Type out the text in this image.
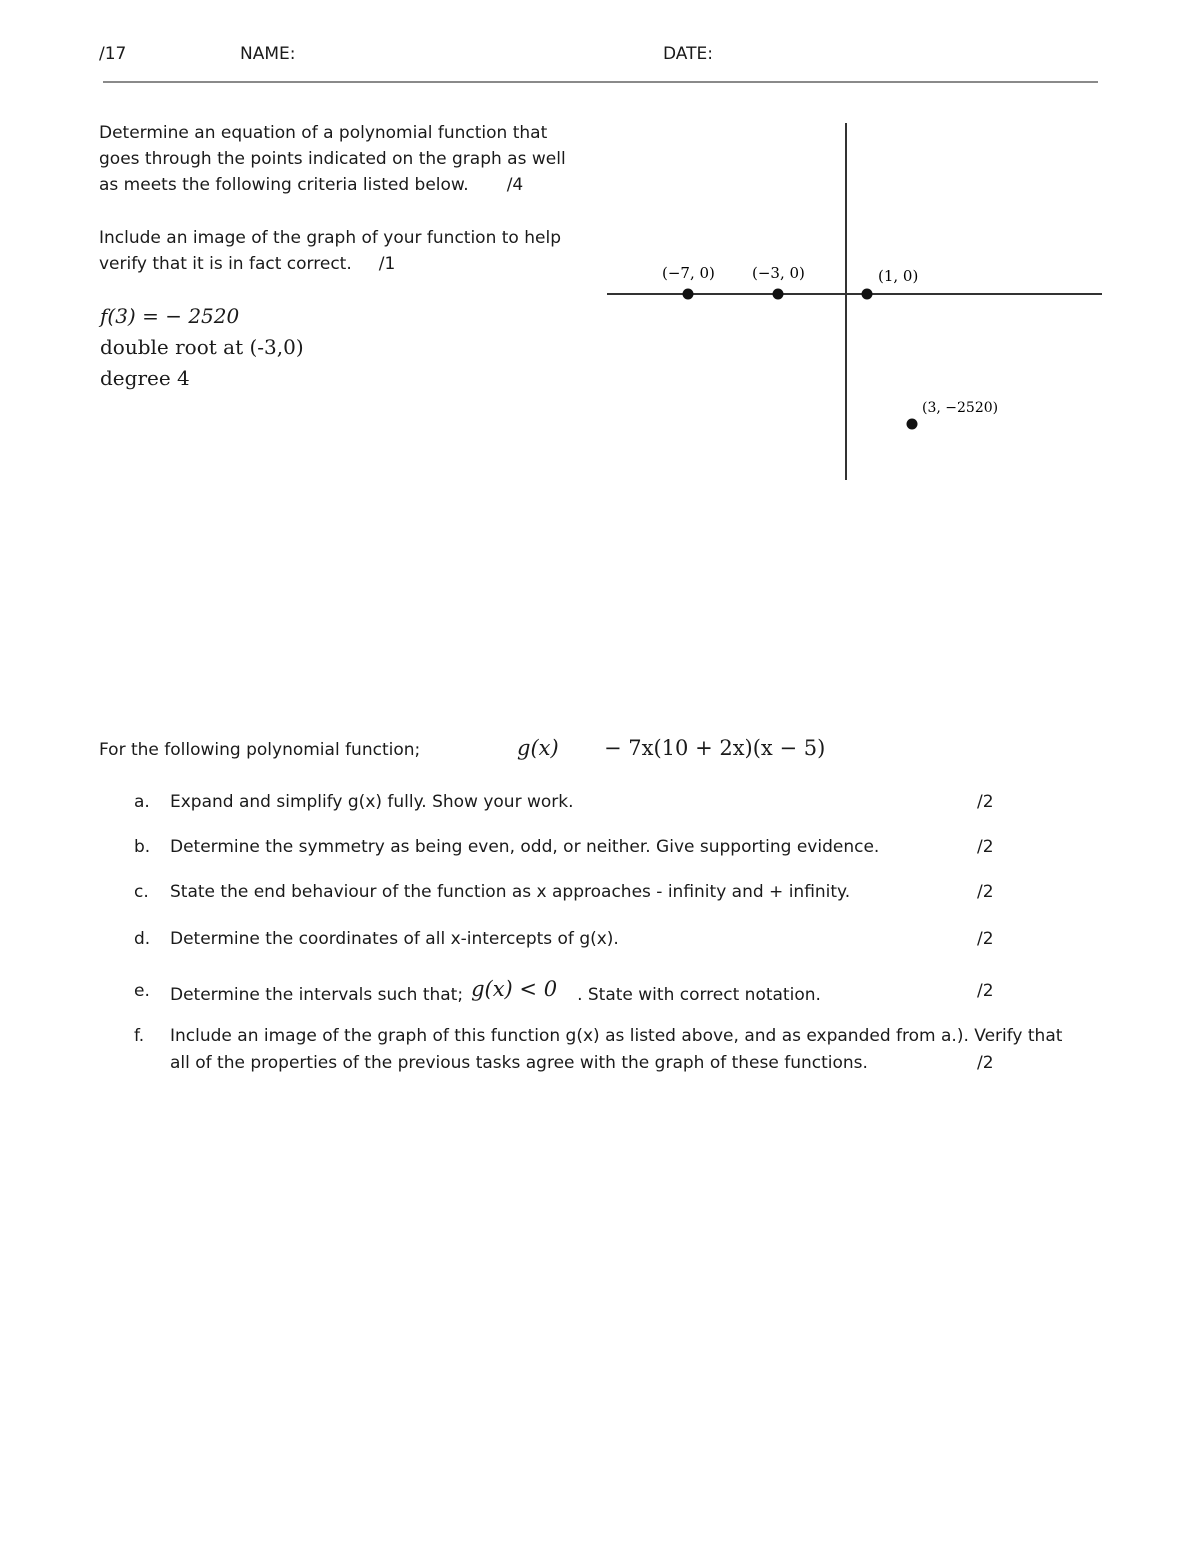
/17	NAME:	DATE:
Determine an equation of a polynomial function that
goes through the points indicated on the graph as well
as meets the following criteria listed below. /4
Include an image of the graph of your function to help
verify that it is in fact correct. /1
f(3) = − 2520
double root at (-3,0)
degree 4
(−7, 0) (−3, 0)	(1, 0)
(3, −2520)
For the following polynomial function;	g(x) − 7x(10 + 2x)(x − 5)
a. Expand and simplify g(x) fully. Show your work.	/2
b. Determine the symmetry as being even, odd, or neither. Give supporting evidence.	/2
c. State the end behaviour of the function as x approaches - infinity and + infinity.	/2
d. Determine the coordinates of all x-intercepts of g(x).	/2
e. Determine the intervals such that; g(x) < 0 . State with correct notation.	/2
f. Include an image of the graph of this function g(x) as listed above, and as expanded from a.). Verify that
all of the properties of the previous tasks agree with the graph of these functions.	/2
